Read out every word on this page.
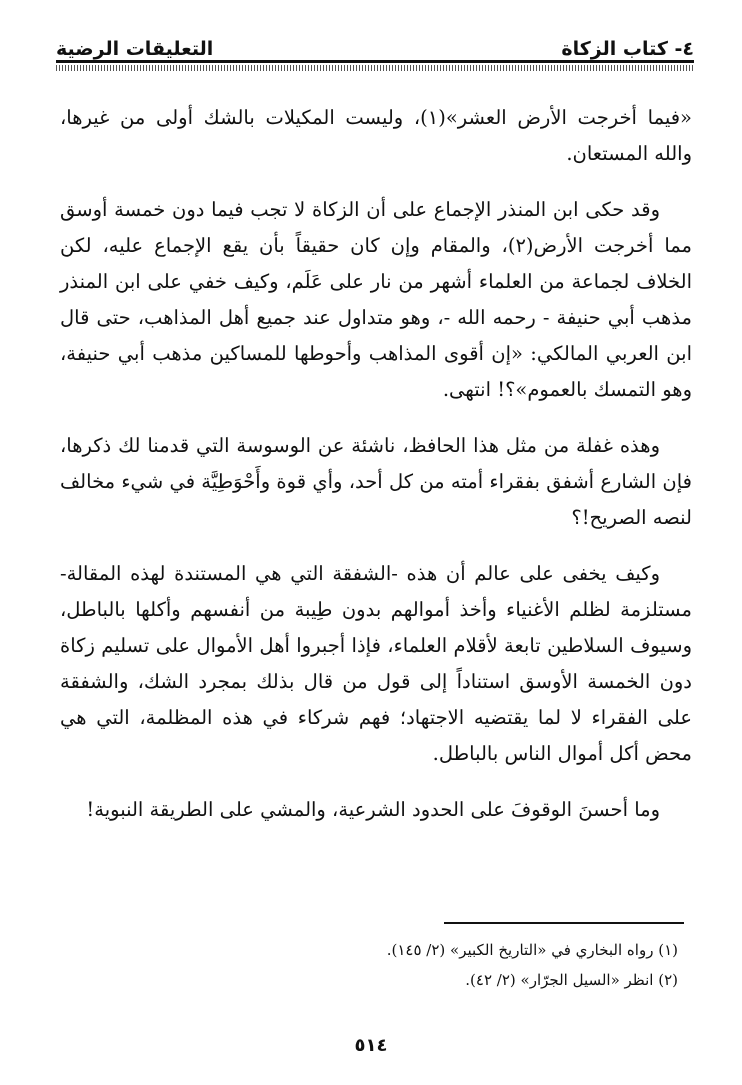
٤- كتاب الزكاة
التعليقات الرضية

«فيما أخرجت الأرض العشر»(١)، وليست المكيلات بالشك أولى من غيرها، والله المستعان.

وقد حكى ابن المنذر الإجماع على أن الزكاة لا تجب فيما دون خمسة أوسق مما أخرجت الأرض(٢)، والمقام وإن كان حقيقاً بأن يقع الإجماع عليه، لكن الخلاف لجماعة من العلماء أشهر من نار على عَلَم، وكيف خفي على ابن المنذر مذهب أبي حنيفة - رحمه الله -، وهو متداول عند جميع أهل المذاهب، حتى قال ابن العربي المالكي: «إن أقوى المذاهب وأحوطها للمساكين مذهب أبي حنيفة، وهو التمسك بالعموم»؟! انتهى.

وهذه غفلة من مثل هذا الحافظ، ناشئة عن الوسوسة التي قدمنا لك ذكرها، فإن الشارع أشفق بفقراء أمته من كل أحد، وأي قوة وأَحْوَطِيَّة في شيء مخالف لنصه الصريح!؟

وكيف يخفى على عالم أن هذه -الشفقة التي هي المستندة لهذه المقالة- مستلزمة لظلم الأغنياء وأخذ أموالهم بدون طِيبة من أنفسهم وأكلها بالباطل، وسيوف السلاطين تابعة لأقلام العلماء، فإذا أجبروا أهل الأموال على تسليم زكاة دون الخمسة الأوسق استناداً إلى قول من قال بذلك بمجرد الشك، والشفقة على الفقراء لا لما يقتضيه الاجتهاد؛ فهم شركاء في هذه المظلمة، التي هي محض أكل أموال الناس بالباطل.

وما أحسنَ الوقوفَ على الحدود الشرعية، والمشي على الطريقة النبوية!

(١) رواه البخاري في «التاريخ الكبير» (٢/ ١٤٥).

(٢) انظر «السيل الجرّار» (٢/ ٤٢).

٥١٤
